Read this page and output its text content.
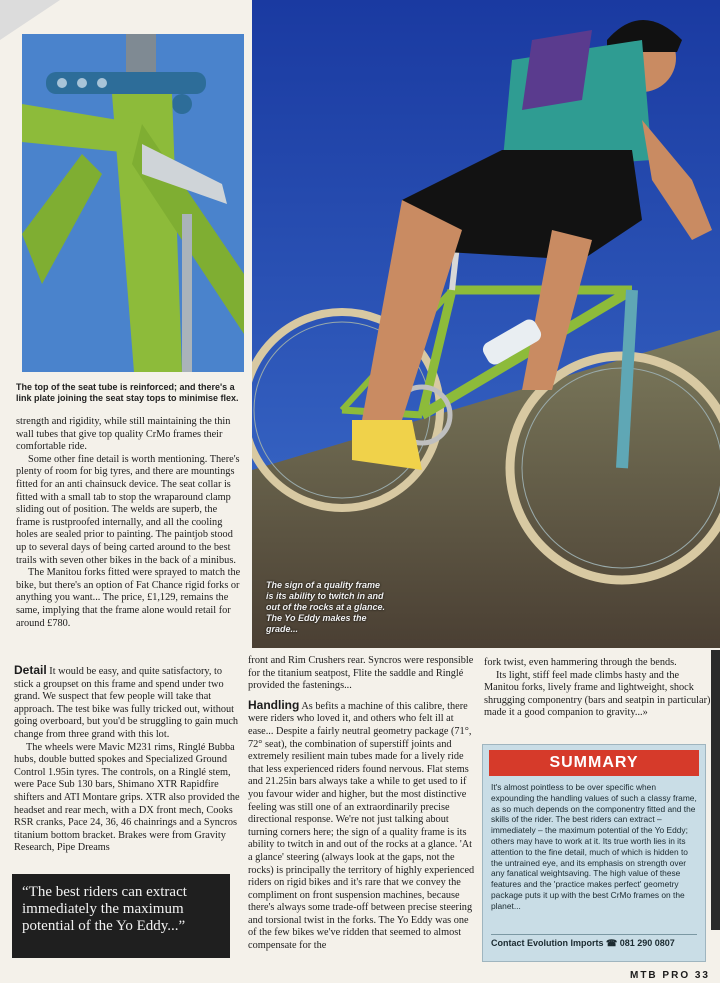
The top of the seat tube is reinforced; and there's a link plate joining the seat stay tops to minimise flex.
The sign of a quality frame is its ability to twitch in and out of the rocks at a glance. The Yo Eddy makes the grade...

strength and rigidity, while still maintaining the thin wall tubes that give top quality CrMo frames their comfortable ride.

Some other fine detail is worth mentioning. There's plenty of room for big tyres, and there are mountings fitted for an anti chainsuck device. The seat collar is fitted with a small tab to stop the wraparound clamp sliding out of position. The welds are superb, the frame is rustproofed internally, and all the cooling holes are sealed prior to painting. The paintjob stood up to several days of being carted around to the best trails with seven other bikes in the back of a minibus.

The Manitou forks fitted were sprayed to match the bike, but there's an option of Fat Chance rigid forks or anything you want... The price, £1,129, remains the same, implying that the frame alone would retail for around £780.

Detail It would be easy, and quite satisfactory, to stick a groupset on this frame and spend under two grand. We suspect that few people will take that approach. The test bike was fully tricked out, without going overboard, but you'd be struggling to gain much change from three grand with this lot.

The wheels were Mavic M231 rims, Ringlé Bubba hubs, double butted spokes and Specialized Ground Control 1.95in tyres. The controls, on a Ringlé stem, were Pace Sub 130 bars, Shimano XTR Rapidfire shifters and ATI Montare grips. XTR also provided the headset and rear mech, with a DX front mech, Cooks RSR cranks, Pace 24, 36, 46 chainrings and a Syncros titanium bottom bracket. Brakes were from Gravity Research, Pipe Dreams

“The best riders can extract immediately the maximum potential of the Yo Eddy...”

front and Rim Crushers rear. Syncros were responsible for the titanium seatpost, Flite the saddle and Ringlé provided the fastenings...

Handling As befits a machine of this calibre, there were riders who loved it, and others who felt ill at ease... Despite a fairly neutral geometry package (71°, 72° seat), the combination of superstiff joints and extremely resilient main tubes made for a lively ride that less experienced riders found nervous. Flat stems and 21.25in bars always take a while to get used to if you favour wider and higher, but the most distinctive feeling was still one of an extraordinarily precise directional response. We're not just talking about turning corners here; the sign of a quality frame is its ability to twitch in and out of the rocks at a glance. 'At a glance' steering (always look at the gaps, not the rocks) is principally the territory of highly experienced riders on rigid bikes and it's rare that we convey the compliment on front suspension machines, because there's always some trade-off between precise steering and torsional twist in the forks. The Yo Eddy was one of the few bikes we've ridden that seemed to almost compensate for the

fork twist, even hammering through the bends.

Its light, stiff feel made climbs hasty and the Manitou forks, lively frame and lightweight, shock shrugging componentry (bars and seatpin in particular) made it a good companion to gravity...»

SUMMARY
It's almost pointless to be over specific when expounding the handling values of such a classy frame, as so much depends on the componentry fitted and the skills of the rider. The best riders can extract – immediately – the maximum potential of the Yo Eddy; others may have to work at it. Its true worth lies in its attention to the fine detail, much of which is hidden to the untrained eye, and its emphasis on strength over any fanatical weightsaving. The high value of these features and the 'practice makes perfect' geometry package puts it up with the best CrMo frames on the planet...
Contact Evolution Imports ☎ 081 290 0807
MTB PRO 33
